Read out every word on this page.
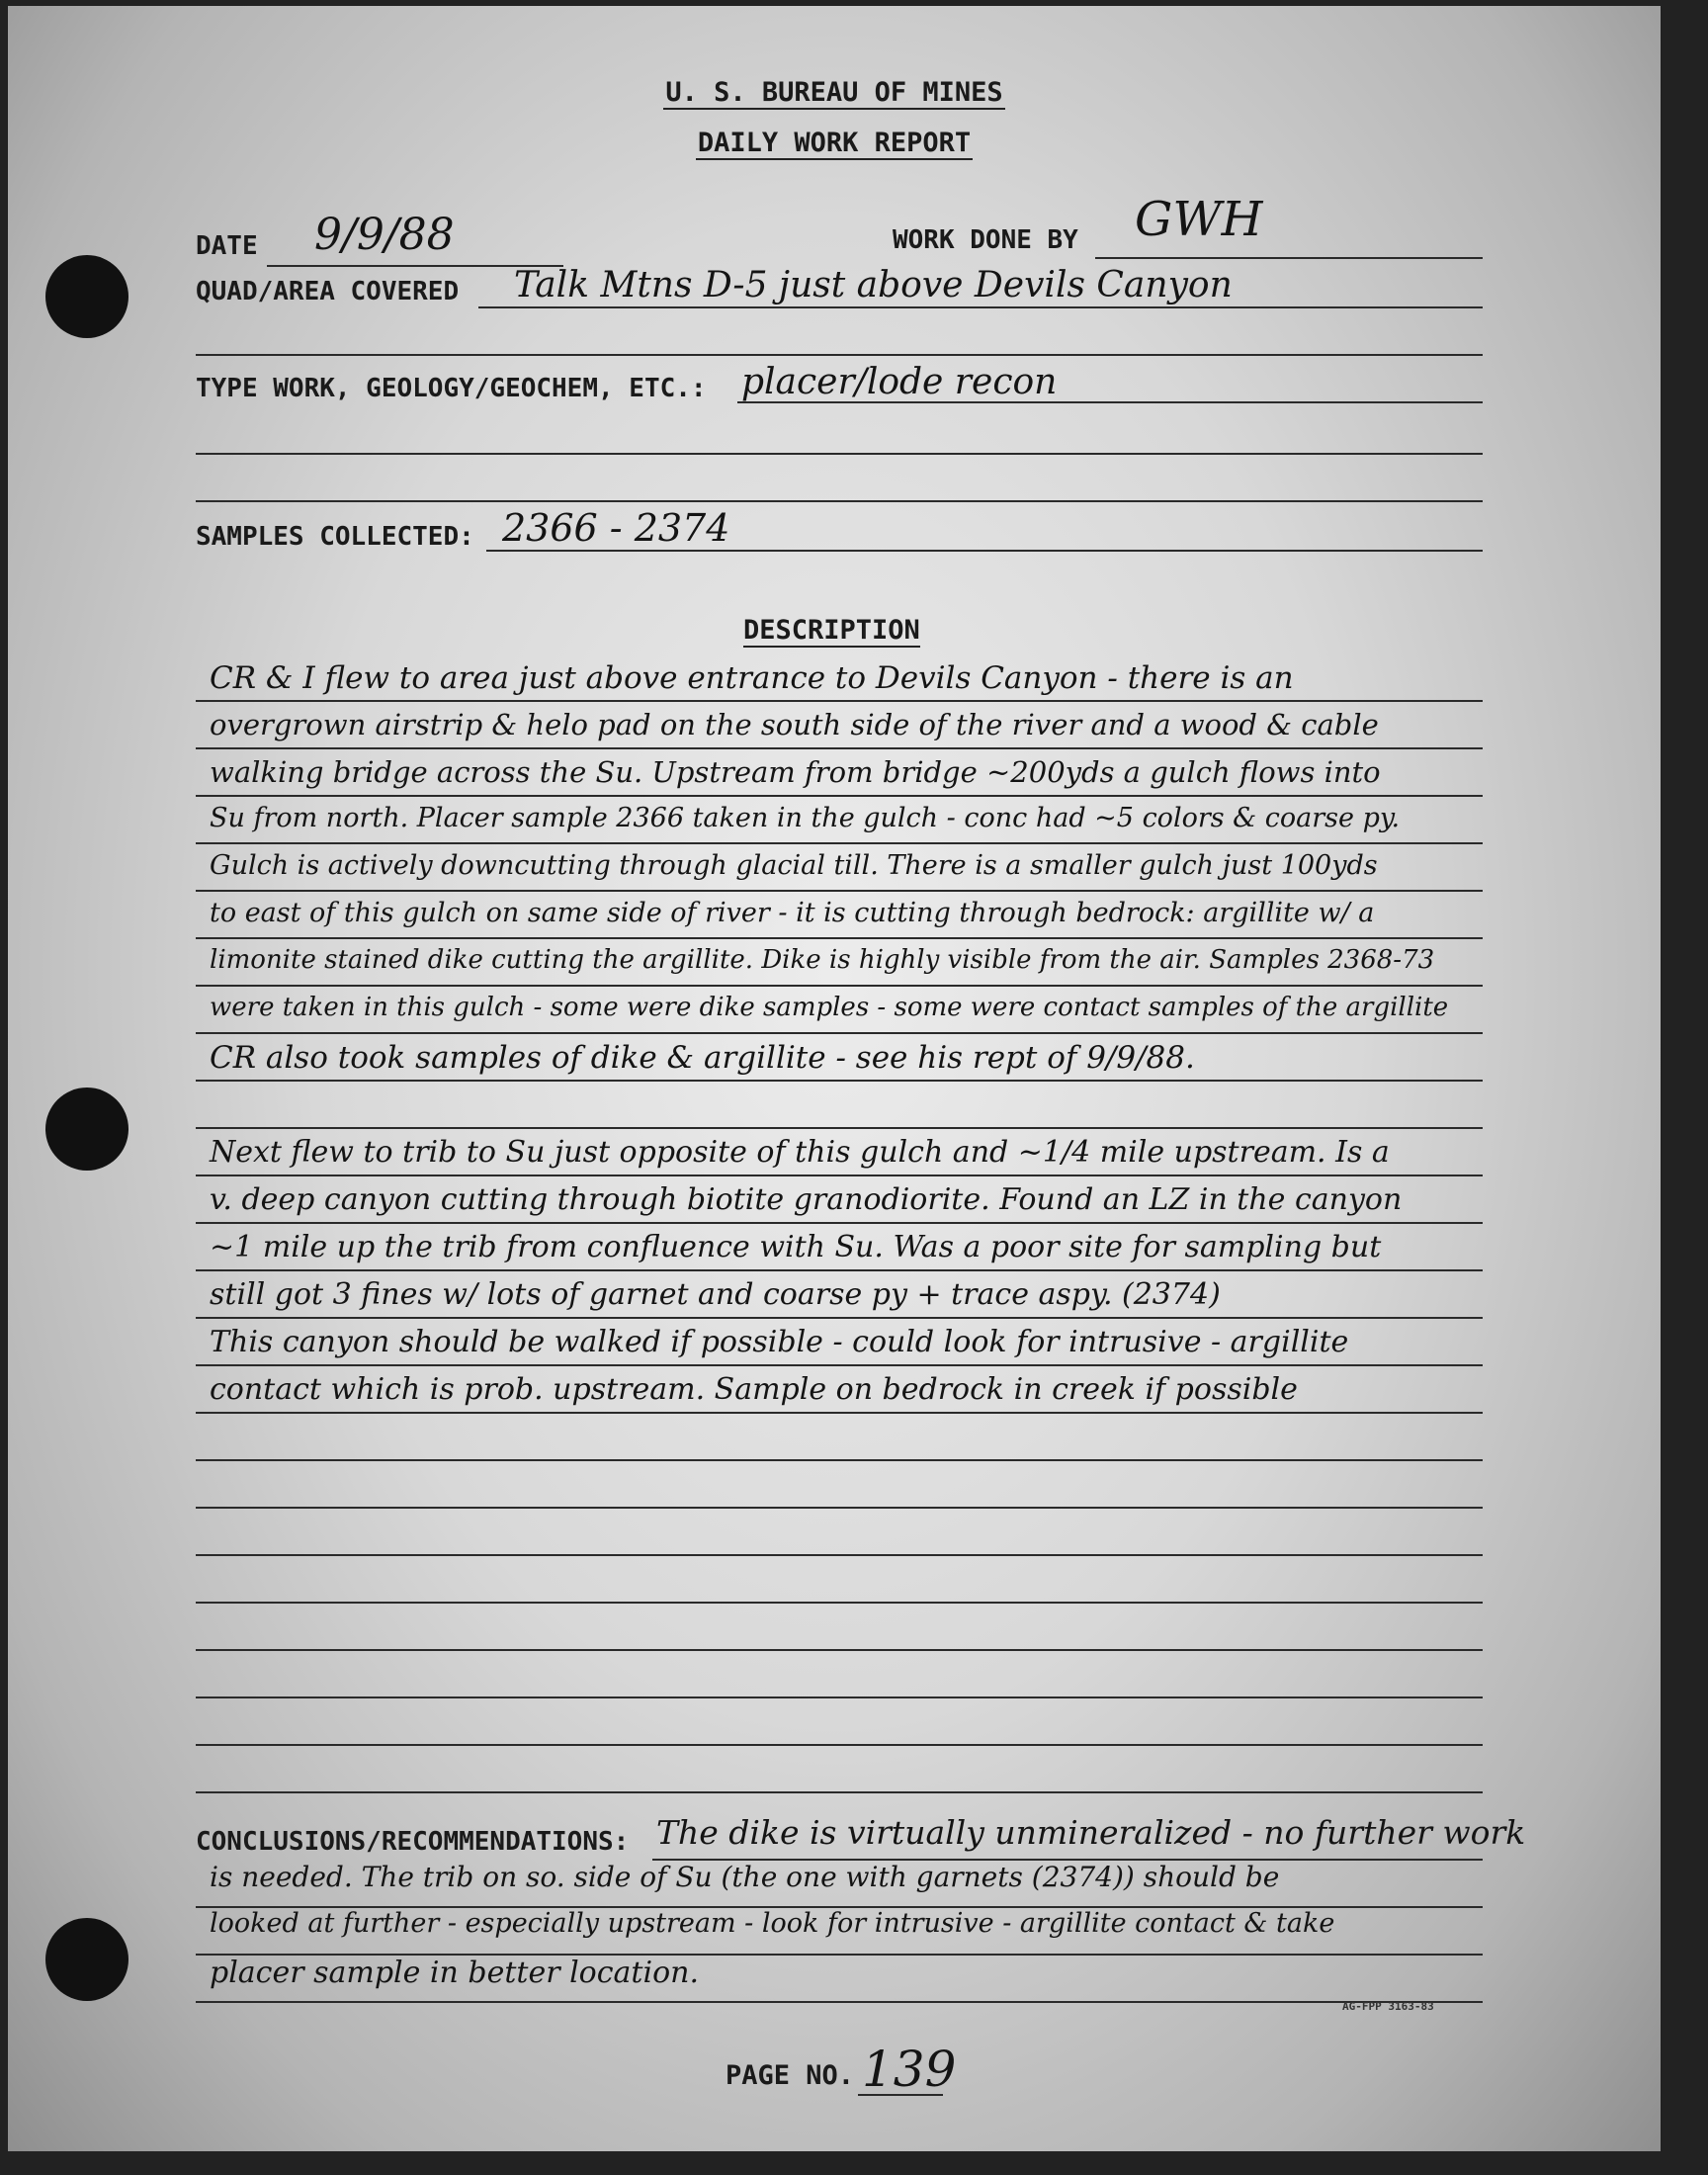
U. S. BUREAU OF MINES
DAILY WORK REPORT
DATE 9/9/88	WORK DONE BY GWH
QUAD/AREA COVERED Talk Mtns D-5 just above Devils Canyon
TYPE WORK, GEOLOGY/GEOCHEM, ETC.: placer/lode recon
SAMPLES COLLECTED: 2366 - 2374
DESCRIPTION
CR & I flew to area just above entrance to Devils Canyon - there is an
overgrown airstrip & helo pad on the south side of the river and a wood & cable
walking bridge across the Su. Upstream from bridge ~200yds a gulch flows into
Su from north. Placer sample 2366 taken in the gulch - conc had ~5 colors & coarse py.
Gulch is actively downcutting through glacial till. There is a smaller gulch just 100yds
to east of this gulch on same side of river - it is cutting through bedrock: argillite w/ a
limonite stained dike cutting the argillite. Dike is highly visible from the air. Samples 2368-73
were taken in this gulch - some were dike samples - some were contact samples of the argillite
CR also took samples of dike & argillite - see his rept of 9/9/88.
Next flew to trib to Su just opposite of this gulch and ~1/4 mile upstream. Is a
v. deep canyon cutting through biotite granodiorite. Found an LZ in the canyon
~1 mile up the trib from confluence with Su. Was a poor site for sampling but
still got 3 fines w/ lots of garnet and coarse py + trace aspy. (2374)
This canyon should be walked if possible - could look for intrusive - argillite
contact which is prob. upstream. Sample on bedrock in creek if possible
CONCLUSIONS/RECOMMENDATIONS: The dike is virtually unmineralized - no further work
is needed. The trib on so. side of Su (the one with garnets (2374)) should be
looked at further - especially upstream - look for intrusive - argillite contact & take
placer sample in better location.
AG-FPP 3163-83
PAGE NO. 139
